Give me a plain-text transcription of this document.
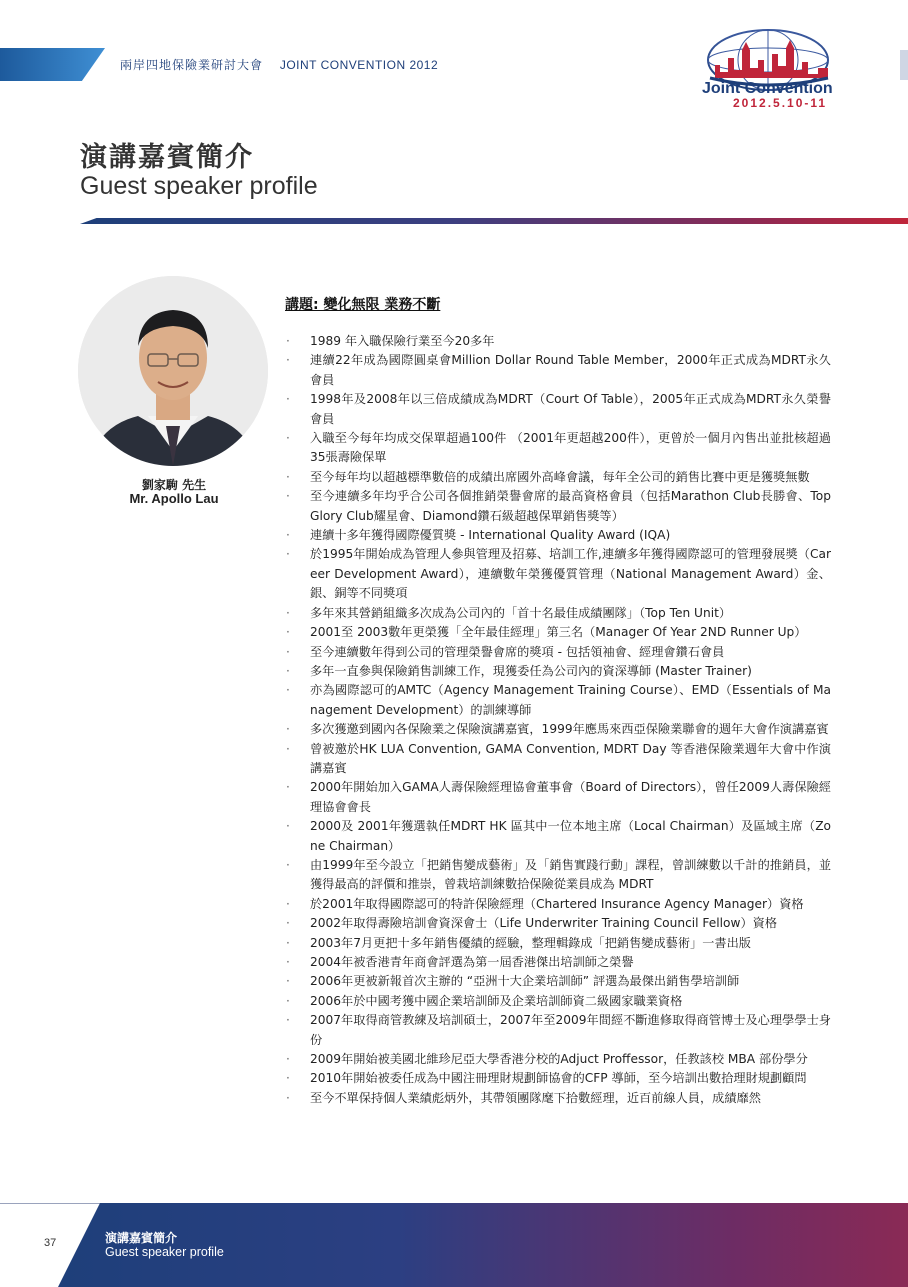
兩岸四地保險業研討大會 JOINT CONVENTION 2012
Joint Convention
2012.5.10-11
演講嘉賓簡介
Guest speaker profile
劉家駒 先生
Mr. Apollo Lau
講題: 變化無限 業務不斷
· 1989 年入職保險行業至今20多年
· 連續22年成為國際圓桌會Million Dollar Round Table Member，2000年正式成為MDRT永久會員
· 1998年及2008年以三倍成績成為MDRT（Court Of Table），2005年正式成為MDRT永久榮譽會員
· 入職至今每年均成交保單超過100件 （2001年更超越200件），更曾於一個月內售出並批核超過35張壽險保單
· 至今每年均以超越標準數倍的成績出席國外高峰會議，每年全公司的銷售比賽中更是獲獎無數
· 至今連續多年均乎合公司各個推銷榮譽會席的最高資格會員（包括Marathon Club長勝會、Top Glory Club耀星會、Diamond鑽石級超越保單銷售獎等）
· 連續十多年獲得國際優質獎 - International Quality Award (IQA)
· 於1995年開始成為管理人參與管理及招募、培訓工作,連續多年獲得國際認可的管理發展奬（Career Development Award），連續數年榮獲優質管理（National Management Award）金、銀、銅等不同獎項
· 多年來其營銷組織多次成為公司內的「首十名最佳成績團隊」（Top Ten Unit）
· 2001至 2003數年更榮獲「全年最佳經理」第三名（Manager Of Year 2ND Runner Up）
· 至今連續數年得到公司的管理榮譽會席的獎項 - 包括領袖會、經理會鑽石會員
· 多年一直參與保險銷售訓練工作，現獲委任為公司內的資深導師 (Master Trainer)
· 亦為國際認可的AMTC（Agency Management Training Course）、EMD（Essentials of Management Development）的訓練導師
· 多次獲邀到國內各保險業之保險演講嘉賓，1999年應馬來西亞保險業聯會的週年大會作演講嘉賓
· 曾被邀於HK LUA Convention, GAMA Convention, MDRT Day 等香港保險業週年大會中作演講嘉賓
· 2000年開始加入GAMA人壽保險經理協會董事會（Board of Directors），曾任2009人壽保險經理協會會長
· 2000及 2001年獲選執任MDRT HK 區其中一位本地主席（Local Chairman）及區域主席（Zone Chairman）
· 由1999年至今設立「把銷售變成藝術」及「銷售實踐行動」課程，曾訓練數以千計的推銷員，並獲得最高的評價和推崇，曾栽培訓練數拾保險從業員成為 MDRT
· 於2001年取得國際認可的特許保險經理（Chartered Insurance Agency Manager）資格
· 2002年取得壽險培訓會資深會士（Life Underwriter Training Council Fellow）資格
· 2003年7月更把十多年銷售優績的經驗，整理輯錄成「把銷售變成藝術」一書出版
· 2004年被香港青年商會評選為第一屆香港傑出培訓師之榮譽
· 2006年更被新報首次主辦的 “亞洲十大企業培訓師” 評選為最傑出銷售學培訓師
· 2006年於中國考獲中國企業培訓師及企業培訓師資二級國家職業資格
· 2007年取得商管教練及培訓碩士，2007年至2009年間經不斷進修取得商管博士及心理學學士身份
· 2009年開始被美國北維珍尼亞大學香港分校的Adjuct Proffessor，任教該校 MBA 部份學分
· 2010年開始被委任成為中國注冊理財規劃師協會的CFP 導師，至今培訓出數拾理財規劃顧問
· 至今不單保持個人業績彪炳外，其帶領團隊麾下拾數經理，近百前線人員，成績靡然
37	演講嘉賓簡介
Guest speaker profile
